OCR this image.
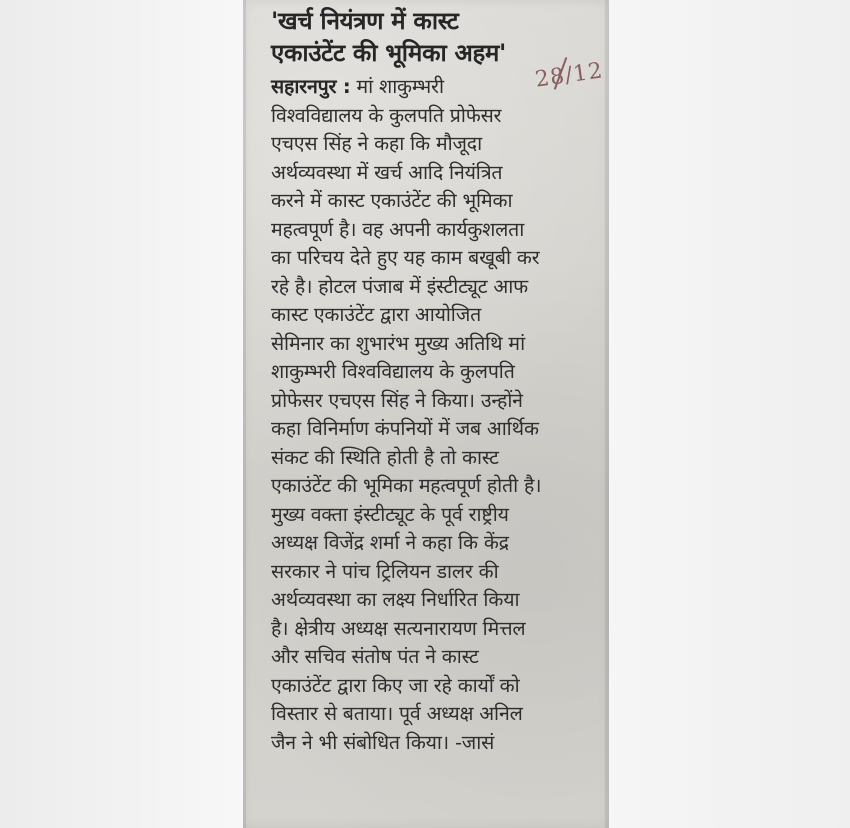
'खर्च नियंत्रण में कास्ट
एकाउंटेंट की भूमिका अहम'
28/12
सहारनपुर : मां शाकुम्भरी
विश्वविद्यालय के कुलपति प्रोफेसर
एचएस सिंह ने कहा कि मौजूदा
अर्थव्यवस्था में खर्च आदि नियंत्रित
करने में कास्ट एकाउंटेंट की भूमिका
महत्वपूर्ण है। वह अपनी कार्यकुशलता
का परिचय देते हुए यह काम बखूबी कर
रहे है। होटल पंजाब में इंस्टीट्यूट आफ
कास्ट एकाउंटेंट द्वारा आयोजित
सेमिनार का शुभारंभ मुख्य अतिथि मां
शाकुम्भरी विश्वविद्यालय के कुलपति
प्रोफेसर एचएस सिंह ने किया। उन्होंने
कहा विनिर्माण कंपनियों में जब आर्थिक
संकट की स्थिति होती है तो कास्ट
एकाउंटेंट की भूमिका महत्वपूर्ण होती है।
मुख्य वक्ता इंस्टीट्यूट के पूर्व राष्ट्रीय
अध्यक्ष विजेंद्र शर्मा ने कहा कि केंद्र
सरकार ने पांच ट्रिलियन डालर की
अर्थव्यवस्था का लक्ष्य निर्धारित किया
है। क्षेत्रीय अध्यक्ष सत्यनारायण मित्तल
और सचिव संतोष पंत ने कास्ट
एकाउंटेंट द्वारा किए जा रहे कार्यों को
विस्तार से बताया। पूर्व अध्यक्ष अनिल
जैन ने भी संबोधित किया। -जासं
